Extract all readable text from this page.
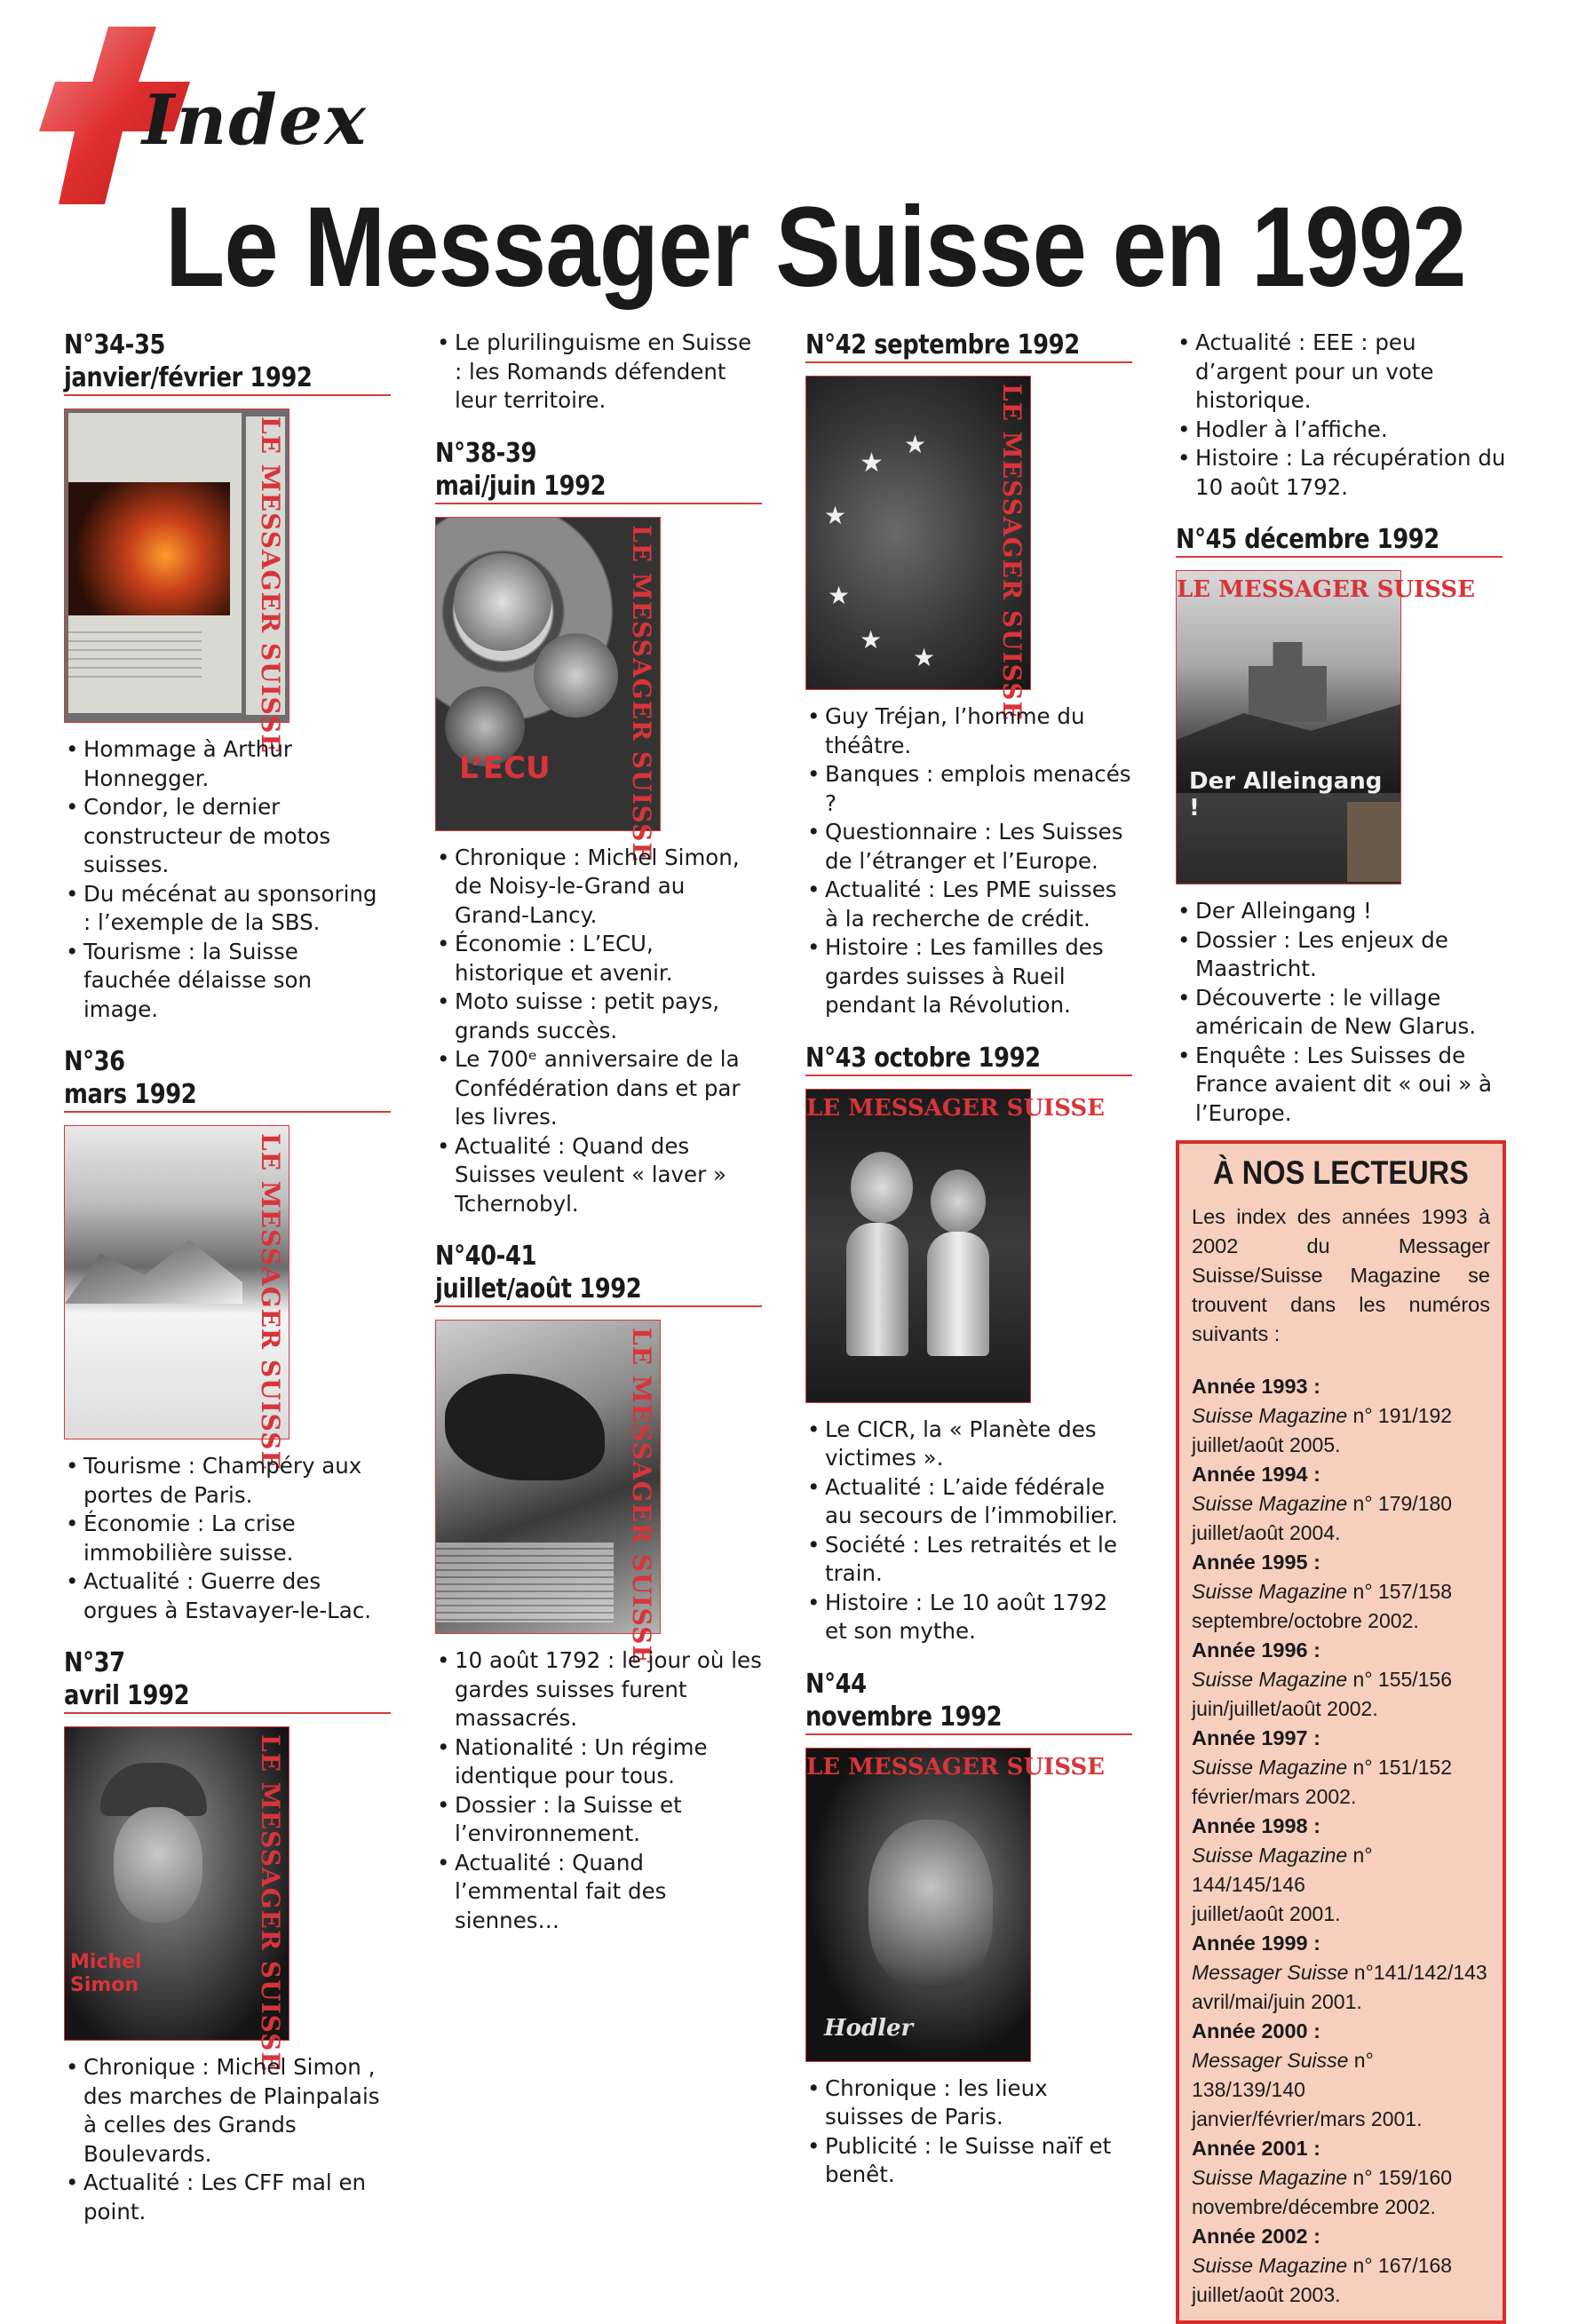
Index
Le Messager Suisse en 1992
N°34-35
janvier/février 1992
LE MESSAGER SUISSE
• Hommage à Arthur Honnegger.
• Condor, le dernier constructeur de motos suisses.
• Du mécénat au sponsoring : l’exemple de la SBS.
• Tourisme : la Suisse fauchée délaisse son image.
N°36
mars 1992
LE MESSAGER SUISSE
• Tourisme : Champéry aux portes de Paris.
• Économie : La crise immobilière suisse.
• Actualité : Guerre des orgues à Estavayer-le-Lac.
N°37
avril 1992
Michel Simon	LE MESSAGER SUISSE
• Chronique : Michel Simon , des marches de Plainpalais à celles des Grands Boulevards.
• Actualité : Les CFF mal en point.
• Le plurilinguisme en Suisse : les Romands défendent leur territoire.
N°38-39
mai/juin 1992
L’ECU	LE MESSAGER SUISSE
• Chronique : Michel Simon, de Noisy-le-Grand au Grand-Lancy.
• Économie : L’ECU, historique et avenir.
• Moto suisse : petit pays, grands succès.
• Le 700ᵉ anniversaire de la Confédération dans et par les livres.
• Actualité : Quand des Suisses veulent « laver » Tchernobyl.
N°40-41
juillet/août 1992
LE MESSAGER SUISSE
• 10 août 1792 : le jour où les gardes suisses furent massacrés.
• Nationalité : Un régime identique pour tous.
• Dossier : la Suisse et l’environnement.
• Actualité : Quand l’emmental fait des siennes…
N°42 septembre 1992
★
★
★
★
★
★	LE MESSAGER SUISSE
• Guy Tréjan, l’homme du théâtre.
• Banques : emplois menacés ?
• Questionnaire : Les Suisses de l’étranger et l’Europe.
• Actualité : Les PME suisses à la recherche de crédit.
• Histoire : Les familles des gardes suisses à Rueil pendant la Révolution.
N°43 octobre 1992
LE MESSAGER SUISSE
• Le CICR, la « Planète des victimes ».
• Actualité : L’aide fédérale au secours de l’immobilier.
• Société : Les retraités et le train.
• Histoire : Le 10 août 1792 et son mythe.
N°44
novembre 1992
LE MESSAGER SUISSE
Hodler
• Chronique : les lieux suisses de Paris.
• Publicité : le Suisse naïf et benêt.
• Actualité : EEE : peu d’argent pour un vote historique.
• Hodler à l’affiche.
• Histoire : La récupération du 10 août 1792.
N°45 décembre 1992
LE MESSAGER SUISSE
Der Alleingang !
• Der Alleingang !
• Dossier : Les enjeux de Maastricht.
• Découverte : le village américain de New Glarus.
• Enquête : Les Suisses de France avaient dit « oui » à l’Europe.
À NOS LECTEURS

Les index des années 1993 à 2002 du Messager Suisse/Suisse Magazine se trouvent dans les numéros suivants :

Année 1993 :
Suisse Magazine n° 191/192
juillet/août 2005.
Année 1994 :
Suisse Magazine n° 179/180
juillet/août 2004.
Année 1995 :
Suisse Magazine n° 157/158
septembre/octobre 2002.
Année 1996 :
Suisse Magazine n° 155/156
juin/juillet/août 2002.
Année 1997 :
Suisse Magazine n° 151/152
février/mars 2002.
Année 1998 :
Suisse Magazine n° 144/145/146
juillet/août 2001.
Année 1999 :
Messager Suisse n°141/142/143
avril/mai/juin 2001.
Année 2000 :
Messager Suisse n° 138/139/140
janvier/février/mars 2001.
Année 2001 :
Suisse Magazine n° 159/160
novembre/décembre 2002.
Année 2002 :
Suisse Magazine n° 167/168
juillet/août 2003.
